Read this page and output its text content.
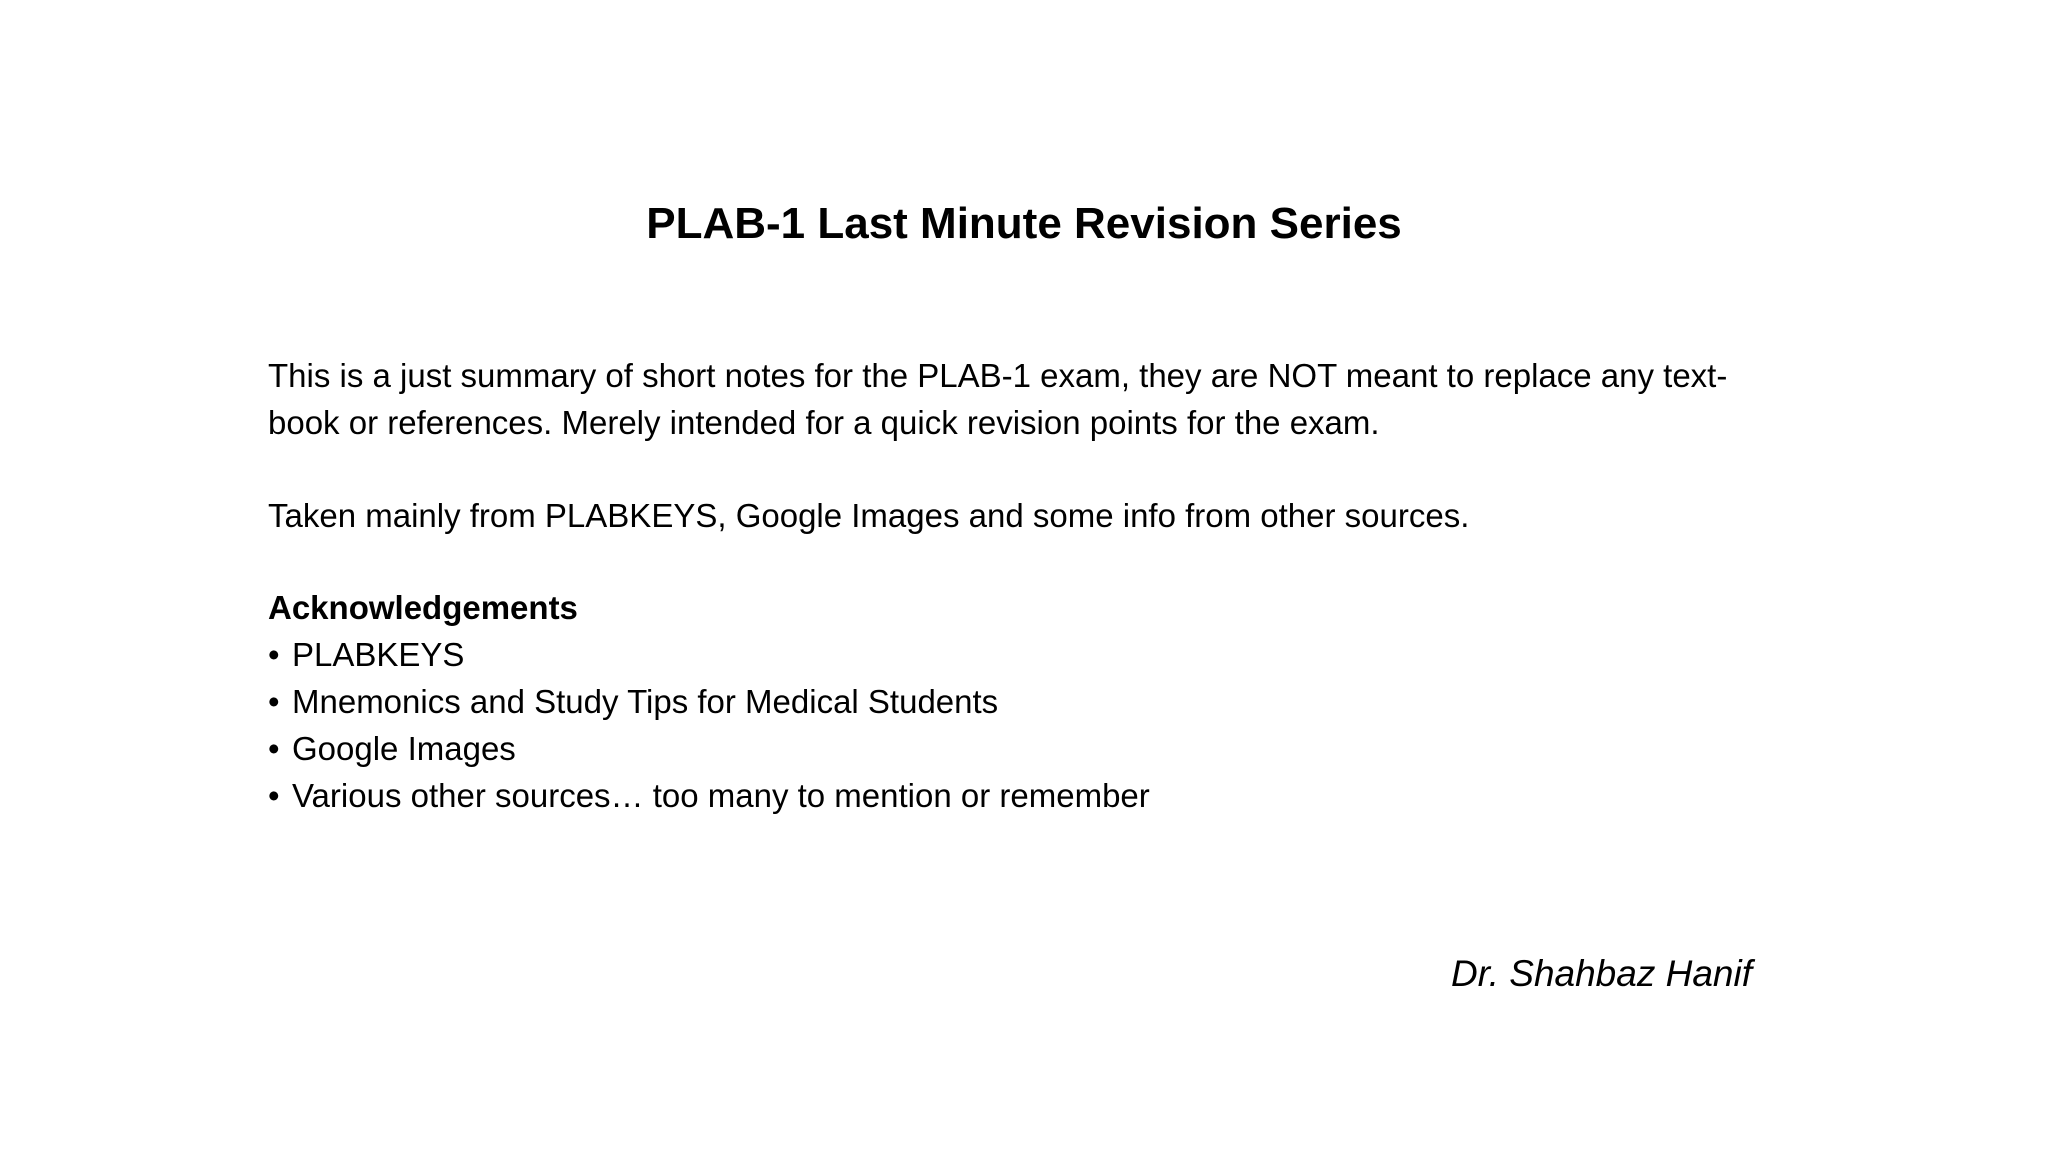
PLAB-1 Last Minute Revision Series
This is a just summary of short notes for the PLAB-1 exam, they are NOT meant to replace any text-book or references. Merely intended for a quick revision points for the exam.
Taken mainly from PLABKEYS, Google Images and some info from other sources.
Acknowledgements
• PLABKEYS
• Mnemonics and Study Tips for Medical Students
• Google Images
• Various other sources… too many to mention or remember
Dr. Shahbaz Hanif
